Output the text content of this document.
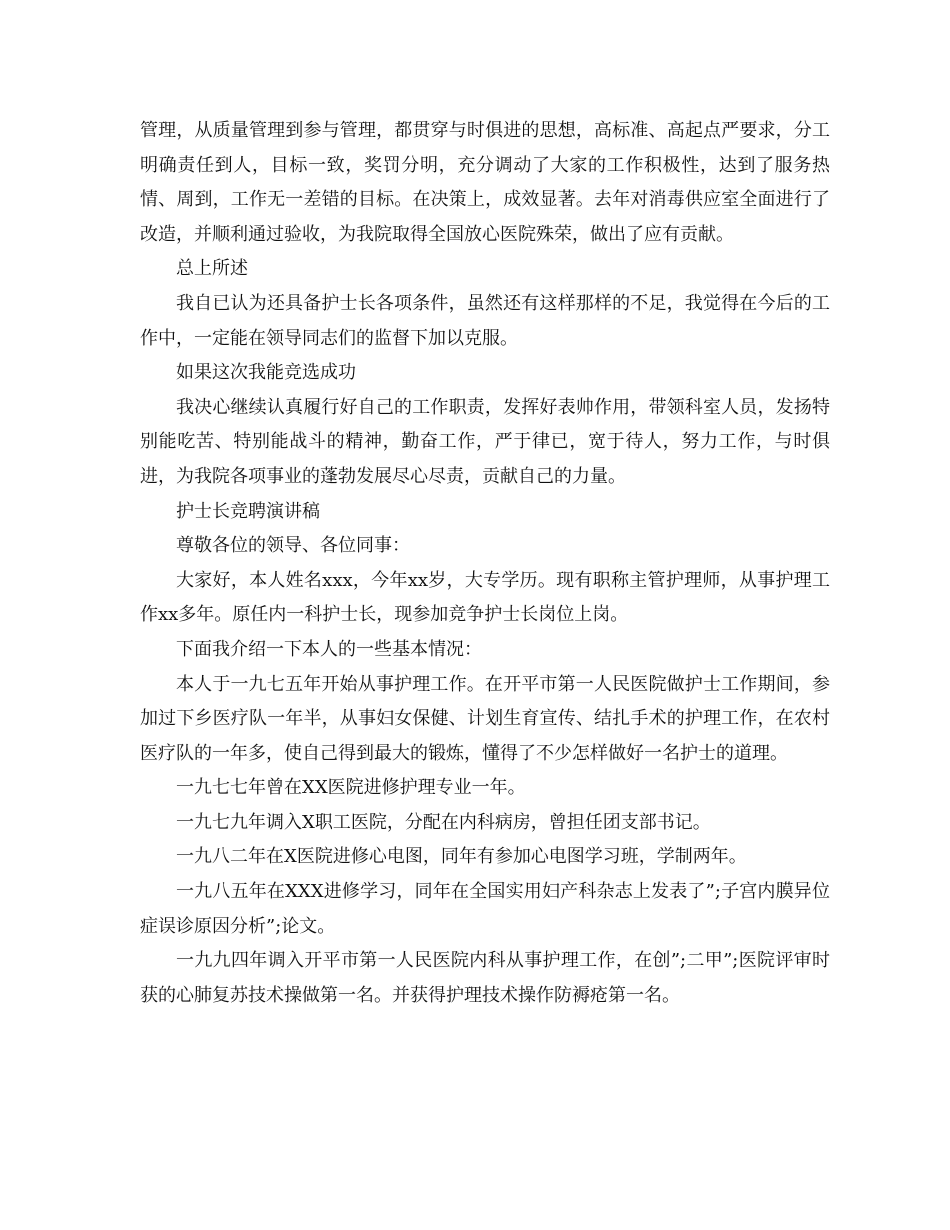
管理，从质量管理到参与管理，都贯穿与时俱进的思想，高标准、高起点严要求，分工明确责任到人，目标一致，奖罚分明，充分调动了大家的工作积极性，达到了服务热情、周到，工作无一差错的目标。在决策上，成效显著。去年对消毒供应室全面进行了改造，并顺利通过验收，为我院取得全国放心医院殊荣，做出了应有贡献。

总上所述

我自已认为还具备护士长各项条件，虽然还有这样那样的不足，我觉得在今后的工作中，一定能在领导同志们的监督下加以克服。

如果这次我能竞选成功

我决心继续认真履行好自己的工作职责，发挥好表帅作用，带领科室人员，发扬特别能吃苦、特别能战斗的精神，勤奋工作，严于律已，宽于待人，努力工作，与时俱进，为我院各项事业的蓬勃发展尽心尽责，贡献自己的力量。

护士长竞聘演讲稿

尊敬各位的领导、各位同事：

大家好，本人姓名xxx，今年xx岁，大专学历。现有职称主管护理师，从事护理工作xx多年。原任内一科护士长，现参加竞争护士长岗位上岗。

下面我介绍一下本人的一些基本情况：

本人于一九七五年开始从事护理工作。在开平市第一人民医院做护士工作期间，参加过下乡医疗队一年半，从事妇女保健、计划生育宣传、结扎手术的护理工作，在农村医疗队的一年多，使自己得到最大的锻炼，懂得了不少怎样做好一名护士的道理。

一九七七年曾在XX医院进修护理专业一年。

一九七九年调入X职工医院，分配在内科病房，曾担任团支部书记。

一九八二年在X医院进修心电图，同年有参加心电图学习班，学制两年。

一九八五年在XXX进修学习，同年在全国实用妇产科杂志上发表了”;子宫内膜异位症误诊原因分析”;论文。

一九九四年调入开平市第一人民医院内科从事护理工作，在创”;二甲”;医院评审时获的心肺复苏技术操做第一名。并获得护理技术操作防褥疮第一名。
